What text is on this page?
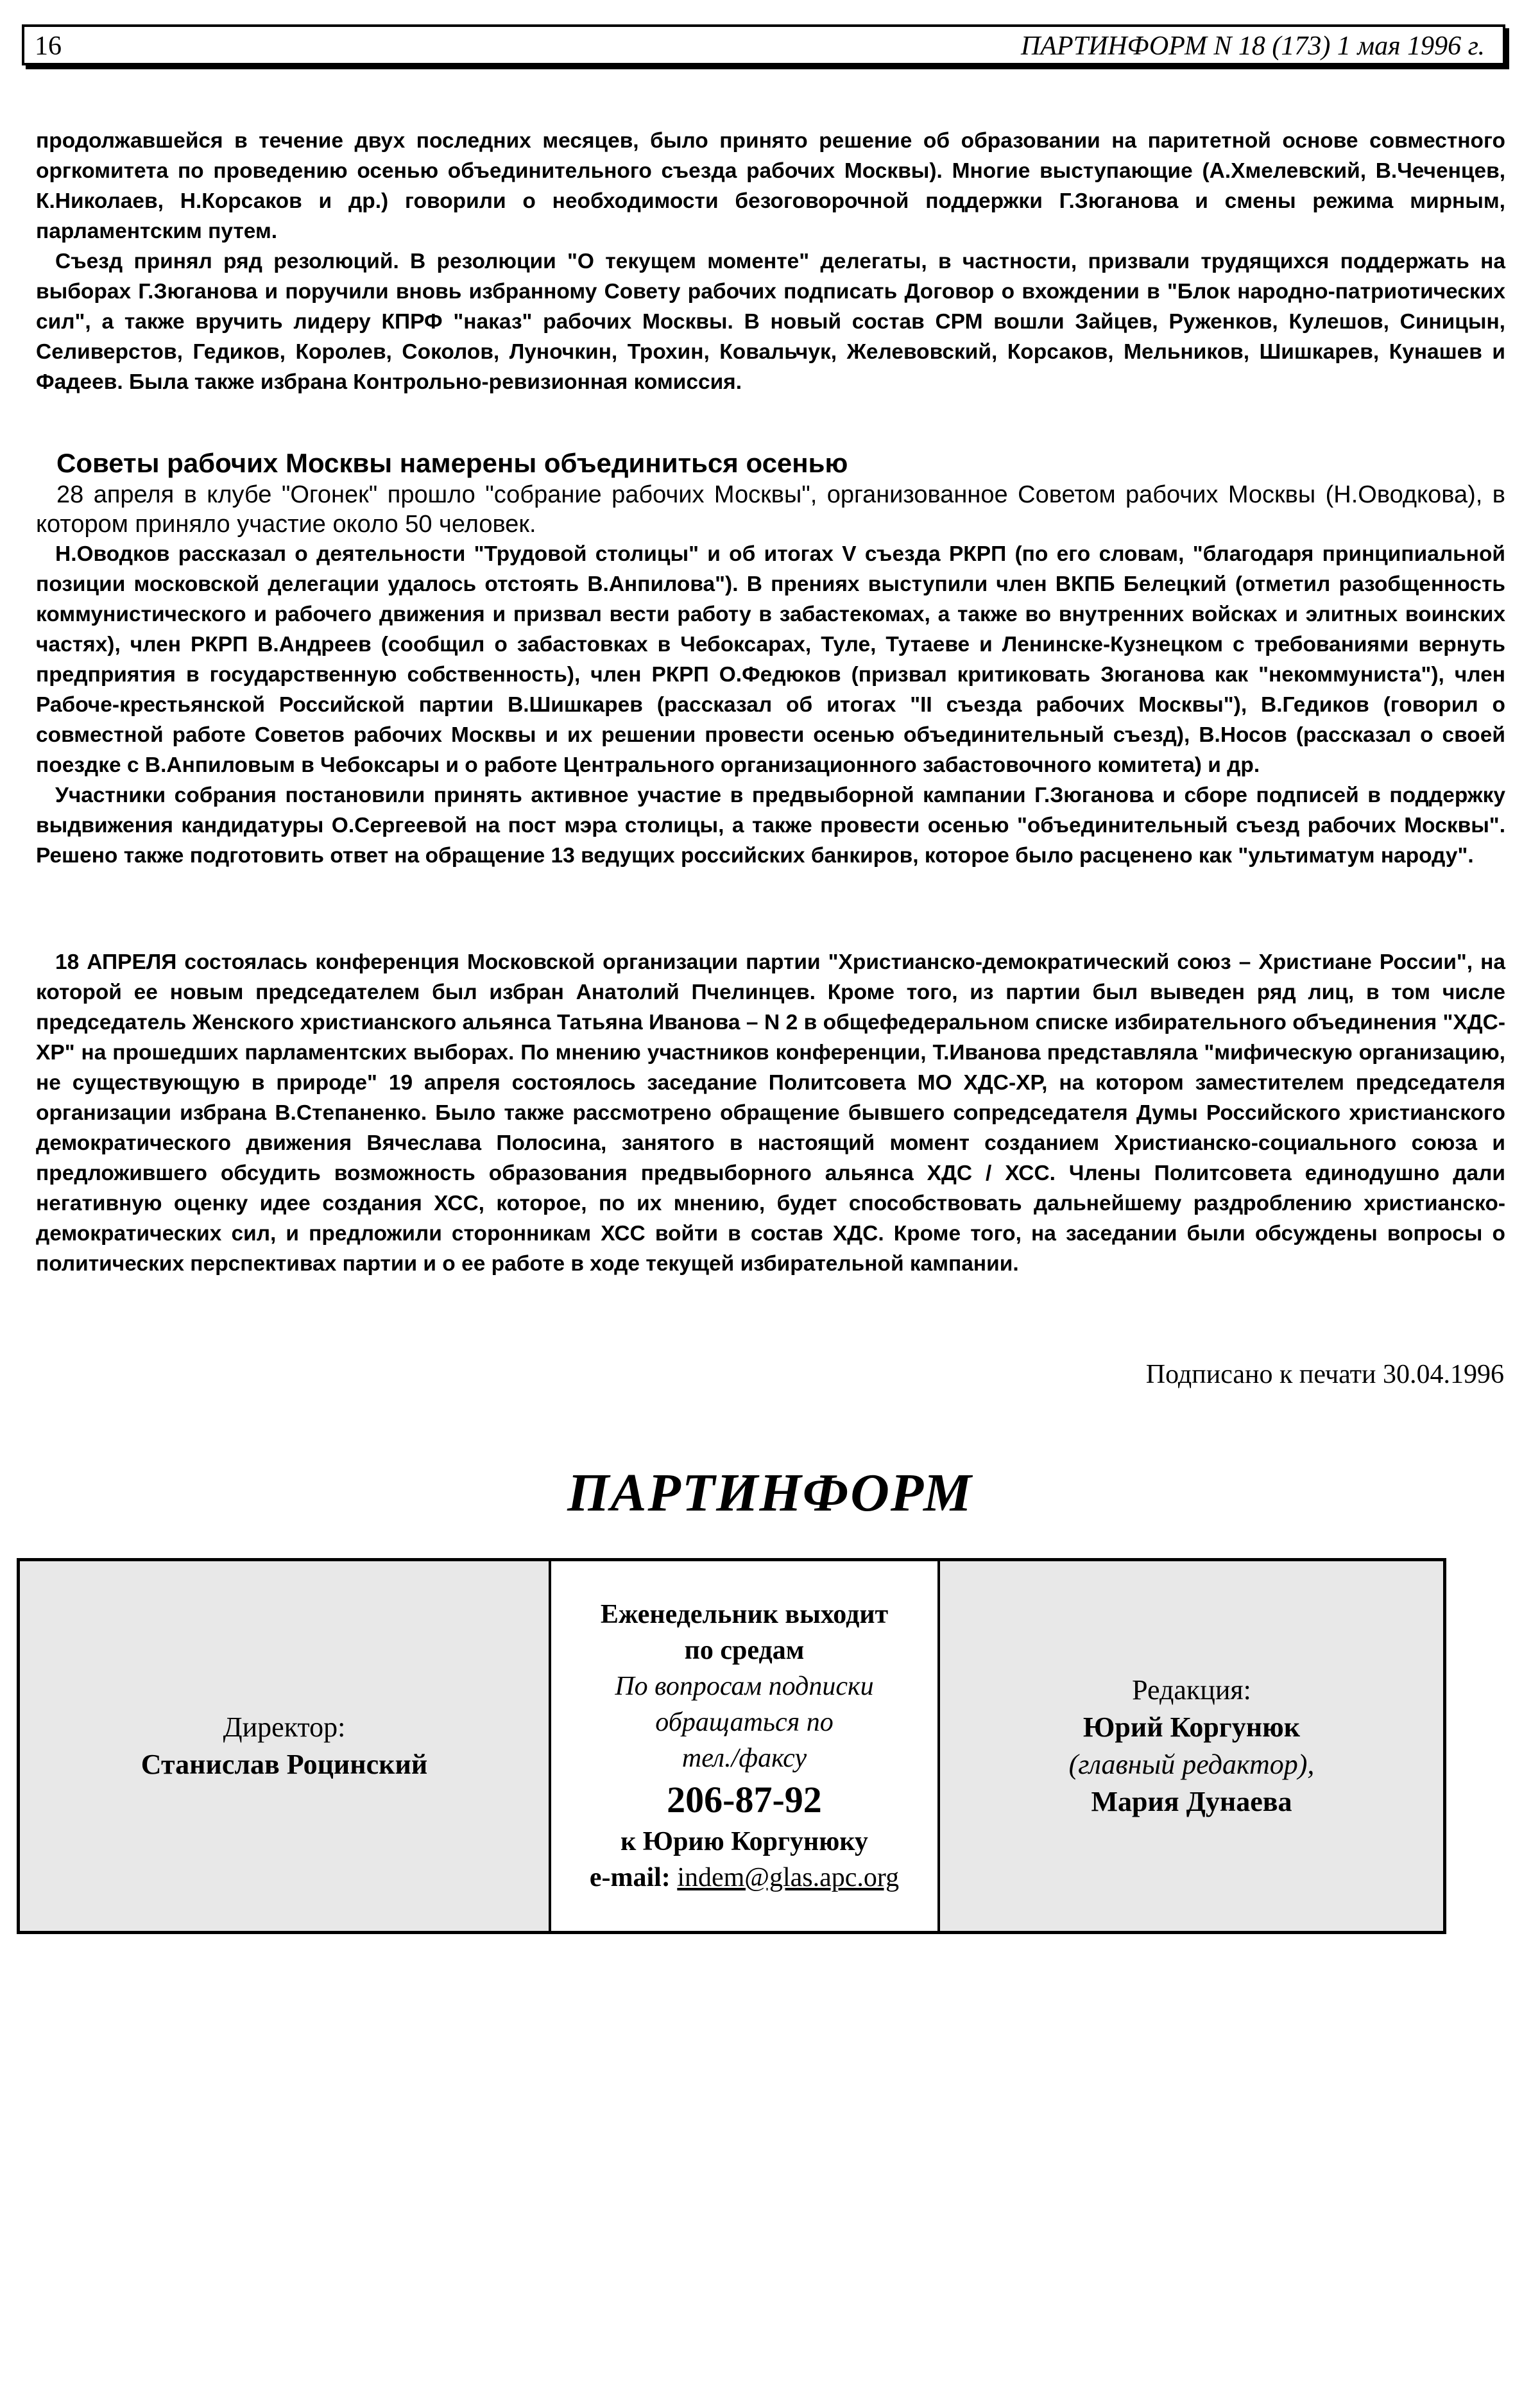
16	ПАРТИНФОРМ N 18 (173) 1 мая 1996 г.

продолжавшейся в течение двух последних месяцев, было принято решение об образовании на паритетной основе совместного оргкомитета по проведению осенью объединительного съезда рабочих Москвы). Многие выступающие (А.Хмелевский, В.Чеченцев, К.Николаев, Н.Корсаков и др.) говорили о необходимости безоговорочной поддержки Г.Зюганова и смены режима мирным, парламентским путем.

Съезд принял ряд резолюций. В резолюции "О текущем моменте" делегаты, в частности, призвали трудящихся поддержать на выборах Г.Зюганова и поручили вновь избранному Совету рабочих подписать Договор о вхождении в "Блок народно-патриотических сил", а также вручить лидеру КПРФ "наказ" рабочих Москвы. В новый состав СРМ вошли Зайцев, Руженков, Кулешов, Синицын, Селиверстов, Гедиков, Королев, Соколов, Луночкин, Трохин, Ковальчук, Желевовский, Корсаков, Мельников, Шишкарев, Кунашев и Фадеев. Была также избрана Контрольно-ревизионная комиссия.

Советы рабочих Москвы намерены объединиться осенью

28 апреля в клубе "Огонек" прошло "собрание рабочих Москвы", организованное Советом рабочих Москвы (Н.Оводкова), в котором приняло участие около 50 человек.

Н.Оводков рассказал о деятельности "Трудовой столицы" и об итогах V съезда РКРП (по его словам, "благодаря принципиальной позиции московской делегации удалось отстоять В.Анпилова"). В прениях выступили член ВКПБ Белецкий (отметил разобщенность коммунистического и рабочего движения и призвал вести работу в забастекомах, а также во внутренних войсках и элитных воинских частях), член РКРП В.Андреев (сообщил о забастовках в Чебоксарах, Туле, Тутаеве и Ленинске-Кузнецком с требованиями вернуть предприятия в государственную собственность), член РКРП О.Федюков (призвал критиковать Зюганова как "некоммуниста"), член Рабоче-крестьянской Российской партии В.Шишкарев (рассказал об итогах "II съезда рабочих Москвы"), В.Гедиков (говорил о совместной работе Советов рабочих Москвы и их решении провести осенью объединительный съезд), В.Носов (рассказал о своей поездке с В.Анпиловым в Чебоксары и о работе Центрального организационного забастовочного комитета) и др.

Участники собрания постановили принять активное участие в предвыборной кампании Г.Зюганова и сборе подписей в поддержку выдвижения кандидатуры О.Сергеевой на пост мэра столицы, а также провести осенью "объединительный съезд рабочих Москвы". Решено также подготовить ответ на обращение 13 ведущих российских банкиров, которое было расценено как "ультиматум народу".

18 АПРЕЛЯ состоялась конференция Московской организации партии "Христианско-демократический союз – Христиане России", на которой ее новым председателем был избран Анатолий Пчелинцев. Кроме того, из партии был выведен ряд лиц, в том числе председатель Женского христианского альянса Татьяна Иванова – N 2 в общефедеральном списке избирательного объединения "ХДС-ХР" на прошедших парламентских выборах. По мнению участников конференции, Т.Иванова представляла "мифическую организацию, не существующую в природе" 19 апреля состоялось заседание Политсовета МО ХДС-ХР, на котором заместителем председателя организации избрана В.Степаненко. Было также рассмотрено обращение бывшего сопредседателя Думы Российского христианского демократического движения Вячеслава Полосина, занятого в настоящий момент созданием Христианско-социального союза и предложившего обсудить возможность образования предвыборного альянса ХДС / ХСС. Члены Политсовета единодушно дали негативную оценку идее создания ХСС, которое, по их мнению, будет способствовать дальнейшему раздроблению христианско-демократических сил, и предложили сторонникам ХСС войти в состав ХДС. Кроме того, на заседании были обсуждены вопросы о политических перспективах партии и о ее работе в ходе текущей избирательной кампании.

Подписано к печати 30.04.1996
ПАРТИНФОРМ
Директор:
Станислав Роцинский
Еженедельник выходит
по средам
По вопросам подписки
обращаться по
тел./факсу
206-87-92
к Юрию Коргунюку
e-mail: indem@glas.apc.org
Редакция:
Юрий Коргунюк
(главный редактор),
Мария Дунаева
